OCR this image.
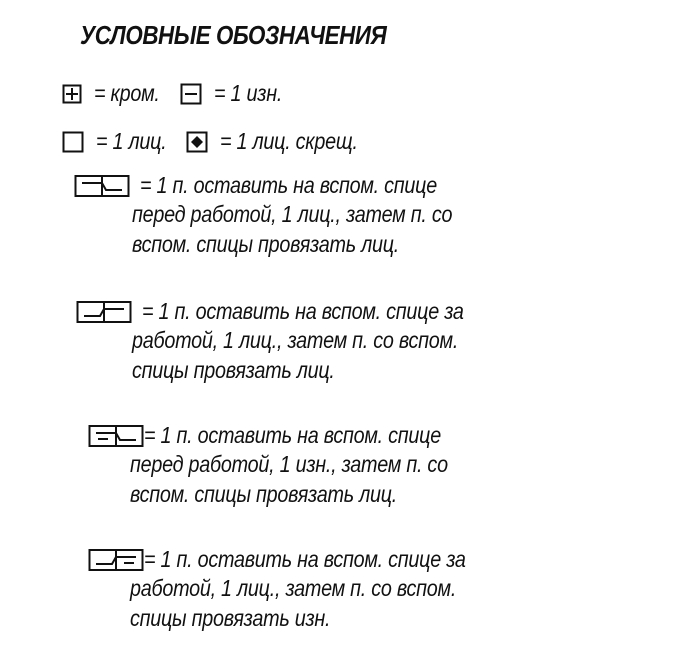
УСЛОВНЫЕ ОБОЗНАЧЕНИЯ
= кром. = 1 изн.
= 1 лиц. = 1 лиц. скрещ.
= 1 п. оставить на вспом. спице
перед работой, 1 лиц., затем п. со
вспом. спицы провязать лиц.
= 1 п. оставить на вспом. спице за
работой, 1 лиц., затем п. со вспом.
спицы провязать лиц.
= 1 п. оставить на вспом. спице
перед работой, 1 изн., затем п. со
вспом. спицы провязать лиц.
= 1 п. оставить на вспом. спице за
работой, 1 лиц., затем п. со вспом.
спицы провязать изн.
